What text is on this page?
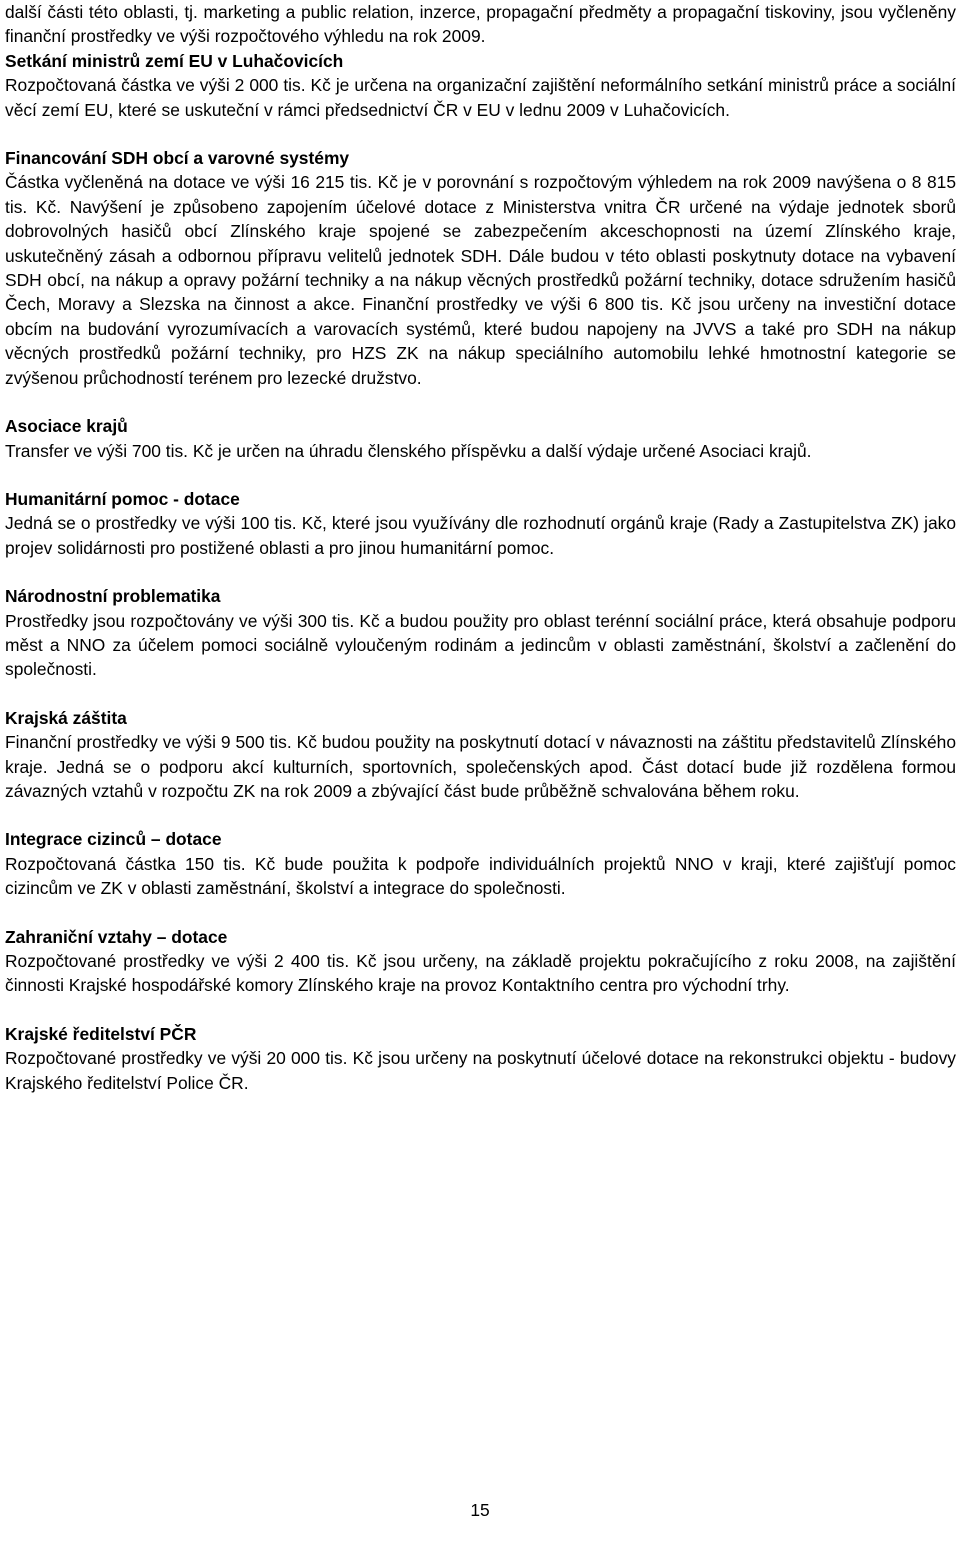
další části této oblasti, tj. marketing a public relation, inzerce, propagační předměty a propagační tiskoviny, jsou vyčleněny finanční prostředky ve výši rozpočtového výhledu na rok 2009.

Setkání ministrů zemí EU v Luhačovicích

Rozpočtovaná částka ve výši 2 000 tis. Kč je určena na organizační zajištění neformálního setkání ministrů práce a sociální věcí zemí EU, které se uskuteční v rámci předsednictví ČR v EU v lednu 2009 v Luhačovicích.

Financování SDH obcí a varovné systémy

Částka vyčleněná na dotace ve výši 16 215 tis. Kč je v porovnání s rozpočtovým výhledem na rok 2009 navýšena o 8 815 tis. Kč. Navýšení je způsobeno zapojením účelové dotace z Ministerstva vnitra ČR určené na výdaje jednotek sborů dobrovolných hasičů obcí Zlínského kraje spojené se zabezpečením akceschopnosti na území Zlínského kraje, uskutečněný zásah a odbornou přípravu velitelů jednotek SDH. Dále budou v této oblasti poskytnuty dotace na vybavení SDH obcí, na nákup a opravy požární techniky a na nákup věcných prostředků požární techniky, dotace sdružením hasičů Čech, Moravy a Slezska na činnost a akce. Finanční prostředky ve výši 6 800 tis. Kč jsou určeny na investiční dotace obcím na budování vyrozumívacích a varovacích systémů, které budou napojeny na JVVS a také pro SDH na nákup věcných prostředků požární techniky, pro HZS ZK na nákup speciálního automobilu lehké hmotnostní kategorie se zvýšenou průchodností terénem pro lezecké družstvo.

Asociace krajů

Transfer ve výši 700 tis. Kč je určen na úhradu členského příspěvku a další výdaje určené Asociaci krajů.

Humanitární pomoc - dotace

Jedná se o prostředky ve výši 100 tis. Kč, které jsou využívány dle rozhodnutí orgánů kraje (Rady a Zastupitelstva ZK) jako projev solidárnosti pro postižené oblasti a pro jinou humanitární pomoc.

Národnostní problematika

Prostředky jsou rozpočtovány ve výši 300 tis. Kč a budou použity pro oblast terénní sociální práce, která obsahuje podporu měst a NNO za účelem pomoci sociálně vyloučeným rodinám a jedincům v oblasti zaměstnání, školství a začlenění do společnosti.

Krajská záštita

Finanční prostředky ve výši 9 500 tis. Kč budou použity na poskytnutí dotací v návaznosti na záštitu představitelů Zlínského kraje. Jedná se o podporu akcí kulturních, sportovních, společenských apod. Část dotací bude již rozdělena formou závazných vztahů v rozpočtu ZK na rok 2009 a zbývající část bude průběžně schvalována během roku.

Integrace cizinců – dotace

Rozpočtovaná částka 150 tis. Kč bude použita k podpoře individuálních projektů NNO v kraji, které zajišťují pomoc cizincům ve ZK v oblasti zaměstnání, školství a integrace do společnosti.

Zahraniční vztahy – dotace

Rozpočtované prostředky ve výši 2 400 tis. Kč jsou určeny, na základě projektu pokračujícího z roku 2008, na zajištění činnosti Krajské hospodářské komory Zlínského kraje na provoz Kontaktního centra pro východní trhy.

Krajské ředitelství PČR

Rozpočtované prostředky ve výši 20 000 tis. Kč jsou určeny na poskytnutí účelové dotace na rekonstrukci objektu - budovy Krajského ředitelství Police ČR.

15
